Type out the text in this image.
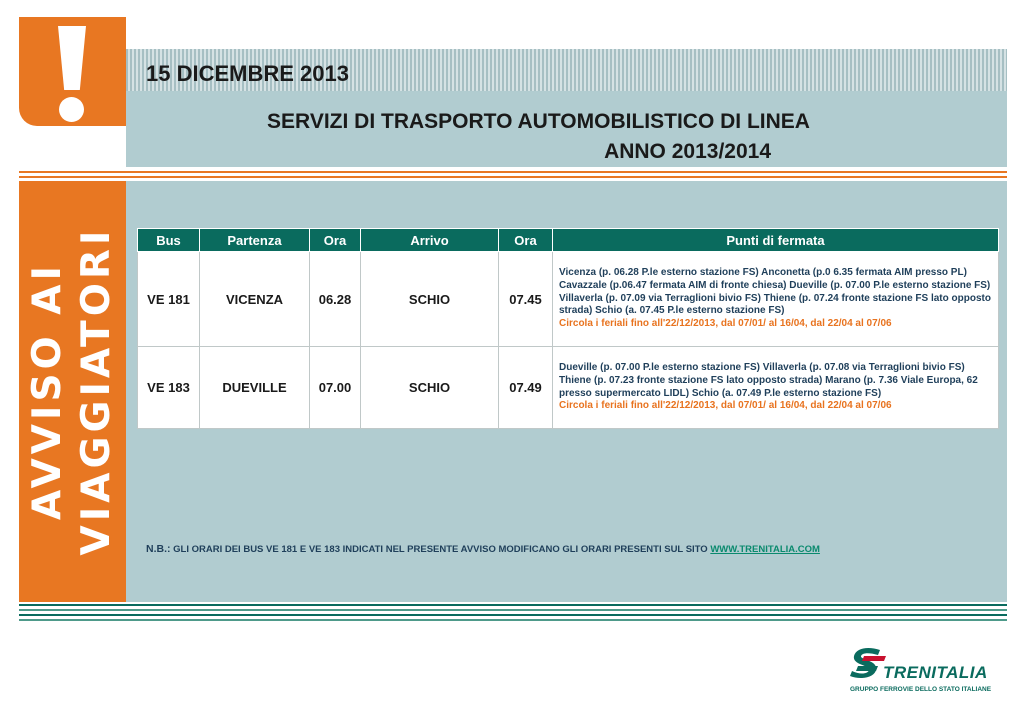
AVVISO AI VIAGGIATORI
15 DICEMBRE 2013
SERVIZI DI TRASPORTO AUTOMOBILISTICO DI LINEA
ANNO 2013/2014
Bus	Partenza	Ora	Arrivo	Ora	Punti di fermata
VE 181	VICENZA	06.28	SCHIO	07.45	Vicenza (p. 06.28 P.le esterno stazione FS) Anconetta (p.0 6.35 fermata AIM presso PL) Cavazzale (p.06.47 fermata AIM di fronte chiesa) Dueville (p. 07.00 P.le esterno stazione FS) Villaverla (p. 07.09 via Terraglioni bivio FS) Thiene (p. 07.24 fronte stazione FS lato opposto strada) Schio (a. 07.45 P.le esterno stazione FS)
Circola i feriali fino all'22/12/2013, dal 07/01/ al 16/04, dal 22/04 al 07/06

VE 183	DUEVILLE	07.00	SCHIO	07.49	Dueville (p. 07.00 P.le esterno stazione FS) Villaverla (p. 07.08 via Terraglioni bivio FS) Thiene (p. 07.23 fronte stazione FS lato opposto strada) Marano (p. 7.36 Viale Europa, 62 presso supermercato LIDL) Schio (a. 07.49 P.le esterno stazione FS)
Circola i feriali fino all'22/12/2013, dal 07/01/ al 16/04, dal 22/04 al 07/06
N.B.: GLI ORARI DEI BUS VE 181 E VE 183 INDICATI NEL PRESENTE AVVISO MODIFICANO GLI ORARI PRESENTI SUL SITO WWW.TRENITALIA.COM

TRENITALIA

GRUPPO FERROVIE DELLO STATO ITALIANE
